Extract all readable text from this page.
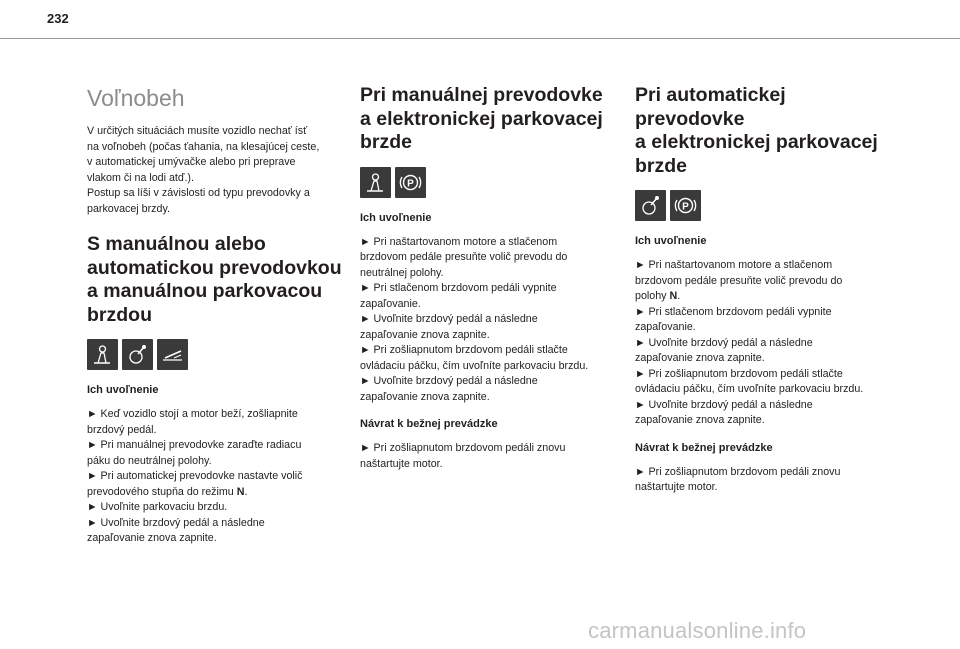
232
Voľnobeh

V určitých situáciách musíte vozidlo nechať ísť

na voľnobeh (počas ťahania, na klesajúcej ceste,

v automatickej umývačke alebo pri preprave

vlakom či na lodi atď.).

Postup sa líši v závislosti od typu prevodovky a

parkovacej brzdy.

S manuálnou alebo
automatickou prevodovkou
a manuálnou parkovacou
brzdou

Ich uvoľnenie

► Keď vozidlo stojí a motor beží, zošliapnite

brzdový pedál.

► Pri manuálnej prevodovke zaraďte radiacu

páku do neutrálnej polohy.

► Pri automatickej prevodovke nastavte volič

prevodového stupňa do režimu N.

► Uvoľnite parkovaciu brzdu.

► Uvoľnite brzdový pedál a následne

zapaľovanie znova zapnite.

Pri manuálnej prevodovke
a elektronickej parkovacej
brzde
P

Ich uvoľnenie

► Pri naštartovanom motore a stlačenom

brzdovom pedále presuňte volič prevodu do

neutrálnej polohy.

► Pri stlačenom brzdovom pedáli vypnite

zapaľovanie.

► Uvoľnite brzdový pedál a následne

zapaľovanie znova zapnite.

► Pri zošliapnutom brzdovom pedáli stlačte

ovládaciu páčku, čím uvoľníte parkovaciu brzdu.

► Uvoľnite brzdový pedál a následne

zapaľovanie znova zapnite.

Návrat k bežnej prevádzke

► Pri zošliapnutom brzdovom pedáli znovu

naštartujte motor.

Pri automatickej prevodovke
a elektronickej parkovacej
brzde
P

Ich uvoľnenie

► Pri naštartovanom motore a stlačenom

brzdovom pedále presuňte volič prevodu do

polohy N.

► Pri stlačenom brzdovom pedáli vypnite

zapaľovanie.

► Uvoľnite brzdový pedál a následne

zapaľovanie znova zapnite.

► Pri zošliapnutom brzdovom pedáli stlačte

ovládaciu páčku, čím uvoľníte parkovaciu brzdu.

► Uvoľnite brzdový pedál a následne

zapaľovanie znova zapnite.

Návrat k bežnej prevádzke

► Pri zošliapnutom brzdovom pedáli znovu

naštartujte motor.

carmanualsonline.info
